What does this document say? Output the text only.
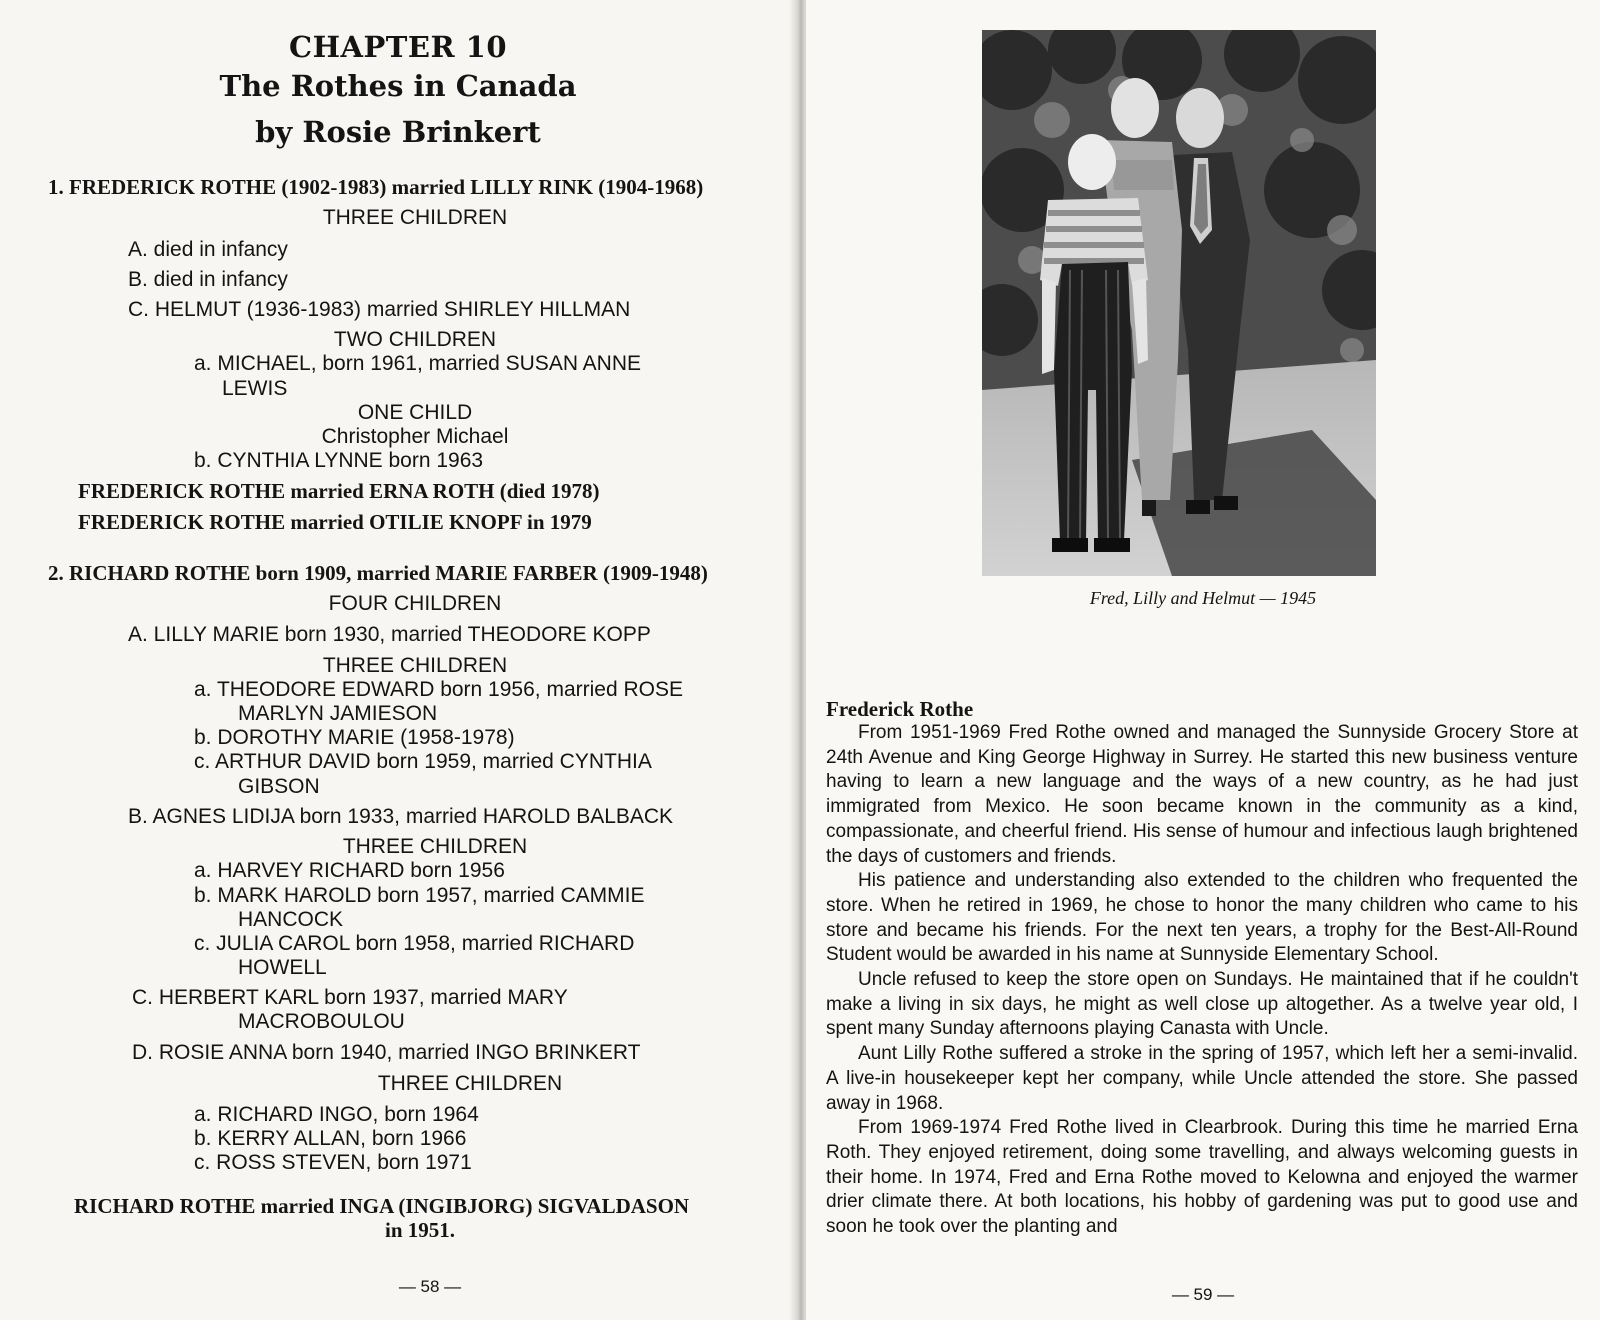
CHAPTER 10
The Rothes in Canada
by Rosie Brinkert
1. FREDERICK ROTHE (1902-1983) married LILLY RINK (1904-1968)
THREE CHILDREN
A. died in infancy
B. died in infancy
C. HELMUT (1936-1983) married SHIRLEY HILLMAN
TWO CHILDREN
a. MICHAEL, born 1961, married SUSAN ANNE
LEWIS
ONE CHILD
Christopher Michael
b. CYNTHIA LYNNE born 1963
FREDERICK ROTHE married ERNA ROTH (died 1978)
FREDERICK ROTHE married OTILIE KNOPF in 1979
2. RICHARD ROTHE born 1909, married MARIE FARBER (1909-1948)
FOUR CHILDREN
A. LILLY MARIE born 1930, married THEODORE KOPP
THREE CHILDREN
a. THEODORE EDWARD born 1956, married ROSE
MARLYN JAMIESON
b. DOROTHY MARIE (1958-1978)
c. ARTHUR DAVID born 1959, married CYNTHIA
GIBSON
B. AGNES LIDIJA born 1933, married HAROLD BALBACK
THREE CHILDREN
a. HARVEY RICHARD born 1956
b. MARK HAROLD born 1957, married CAMMIE
HANCOCK
c. JULIA CAROL born 1958, married RICHARD
HOWELL
C. HERBERT KARL born 1937, married MARY
MACROBOULOU
D. ROSIE ANNA born 1940, married INGO BRINKERT
THREE CHILDREN
a. RICHARD INGO, born 1964
b. KERRY ALLAN, born 1966
c. ROSS STEVEN, born 1971
RICHARD ROTHE married INGA (INGIBJORG) SIGVALDASON
in 1951.
— 58 —
Fred, Lilly and Helmut — 1945
Frederick Rothe

From 1951-1969 Fred Rothe owned and managed the Sunnyside Grocery Store at 24th Avenue and King George Highway in Surrey. He started this new business venture having to learn a new language and the ways of a new country, as he had just immigrated from Mexico. He soon became known in the community as a kind, compassionate, and cheerful friend. His sense of humour and infectious laugh brightened the days of customers and friends.

His patience and understanding also extended to the children who frequented the store. When he retired in 1969, he chose to honor the many children who came to his store and became his friends. For the next ten years, a trophy for the Best-All-Round Student would be awarded in his name at Sunnyside Elementary School.

Uncle refused to keep the store open on Sundays. He maintained that if he couldn't make a living in six days, he might as well close up altogether. As a twelve year old, I spent many Sunday afternoons playing Canasta with Uncle.

Aunt Lilly Rothe suffered a stroke in the spring of 1957, which left her a semi-invalid. A live-in housekeeper kept her company, while Uncle attended the store. She passed away in 1968.

From 1969-1974 Fred Rothe lived in Clearbrook. During this time he married Erna Roth. They enjoyed retirement, doing some travelling, and always welcoming guests in their home. In 1974, Fred and Erna Rothe moved to Kelowna and enjoyed the warmer drier climate there. At both locations, his hobby of gardening was put to good use and soon he took over the planting and

— 59 —
